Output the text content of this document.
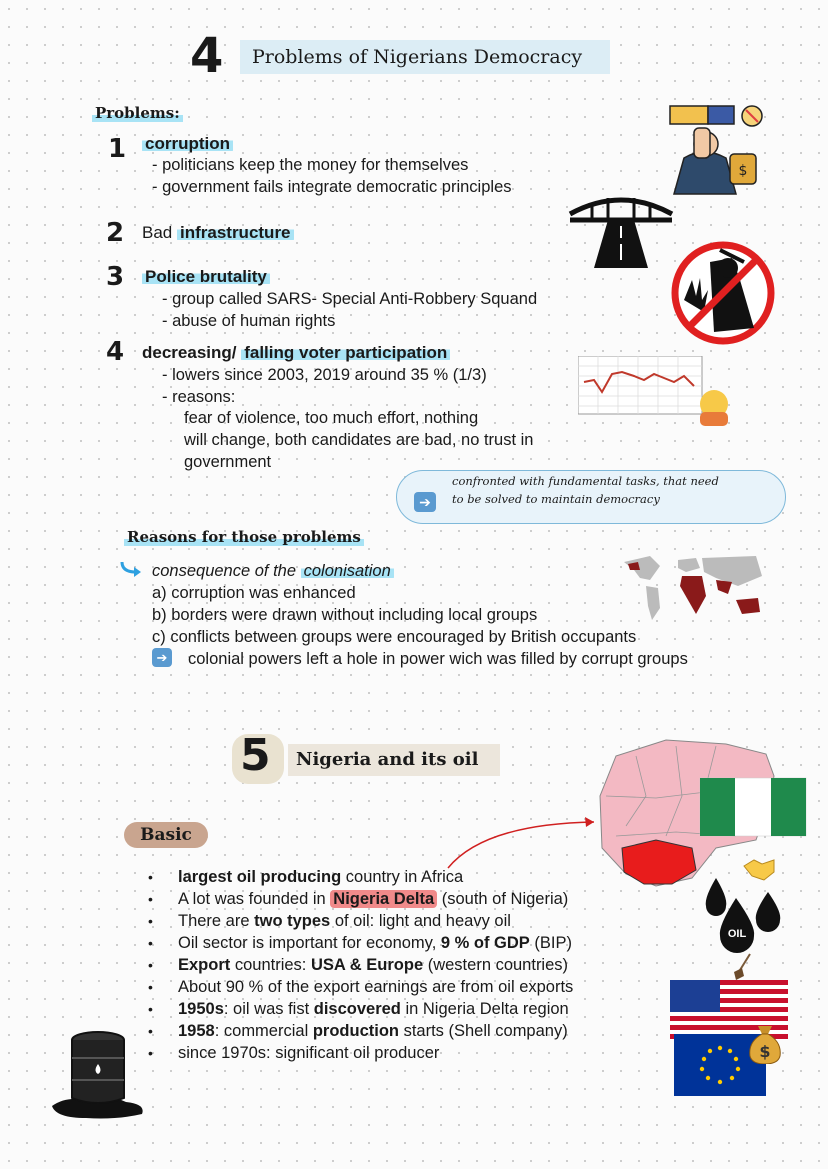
4	Problems of Nigerians Democracy
Problems:
1 corruption
- politicians keep the money for themselves
- government fails integrate democratic principles
2 Bad infrastructure
3 Police brutality
- group called SARS- Special Anti-Robbery Squand
- abuse of human rights
4 decreasing/ falling voter participation
- lowers since 2003, 2019 around 35 % (1/3)
- reasons:
fear of violence, too much effort, nothing
will change, both candidates are bad, no trust in
government
➔
confronted with fundamental tasks, that need
to be solved to maintain democracy
Reasons for those problems
consequence of the colonisation
a) corruption was enhanced
b) borders were drawn without including local groups
c) conflicts between groups were encouraged by British occupants
➔ colonial powers left a hole in power wich was filled by corrupt groups
$
5	Nigeria and its oil
Basic
• largest oil producing country in Africa
• A lot was founded in Nigeria Delta (south of Nigeria)
• There are two types of oil: light and heavy oil
• Oil sector is important for economy, 9 % of GDP (BIP)
• Export countries: USA & Europe (western countries)
• About 90 % of the export earnings are from oil exports
• 1950s: oil was fist discovered in Nigeria Delta region
• 1958: commercial production starts (Shell company)
• since 1970s: significant oil producer
OIL
$
